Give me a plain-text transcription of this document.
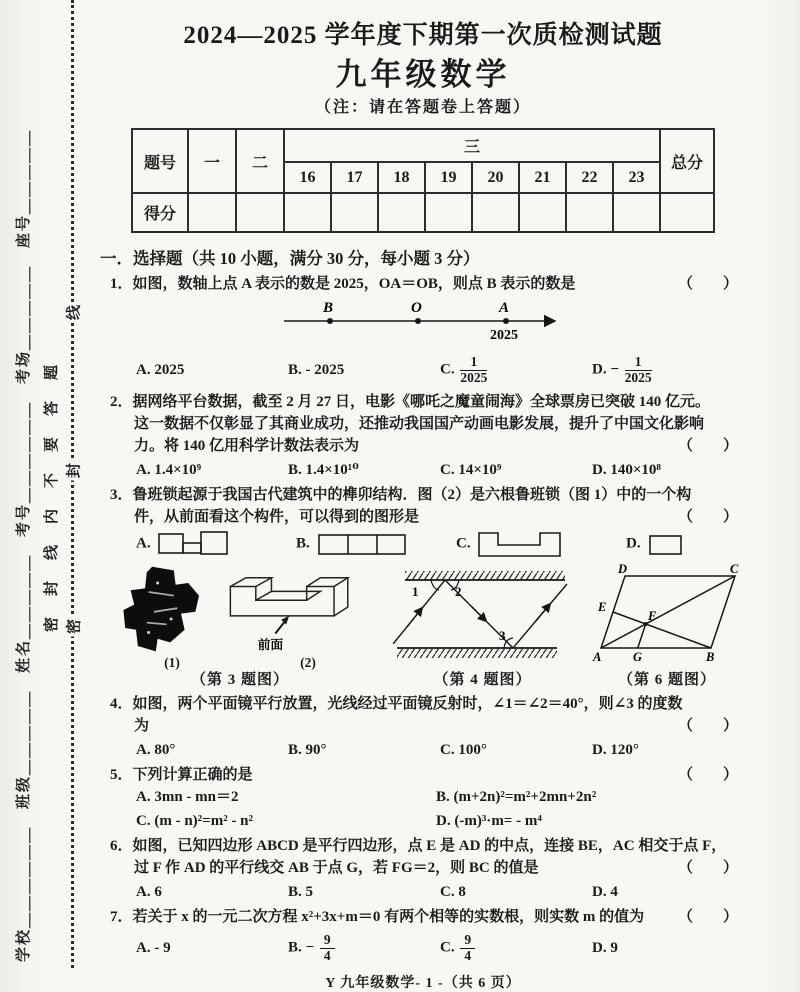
学校＿＿＿＿＿＿　班级＿＿＿＿＿　姓名＿＿＿＿＿　考号＿＿＿＿＿＿　考场＿＿＿＿＿　座号＿＿＿＿＿ 密封线内不要答题
线
封
密
2024—2025 学年度下期第一次质检测试题
九年级数学
（注：请在答题卷上答题）
题号	一	二	三								总分
			16	17	18	19	20	21	22	23	
得分											
一．选择题（共 10 小题，满分 30 分，每小题 3 分）
1．如图，数轴上点 A 表示的数是 2025，OA＝OB，则点 B 表示的数是	（　　）
B	O	A
2025
A. 2025	B. - 2025	C. $\frac{1}{2025}$	D. − $\frac{1}{2025}$
2．据网络平台数据，截至 2 月 27 日，电影《哪吒之魔童闹海》全球票房已突破 140 亿元。
这一数据不仅彰显了其商业成功，还推动我国国产动画电影发展，提升了中国文化影响
力。将 140 亿用科学计数法表示为	（　　）
A. 1.4×10⁹	B. 1.4×10¹⁰	C. 14×10⁹	D. 140×10⁸
3．鲁班锁起源于我国古代建筑中的榫卯结构．图（2）是六根鲁班锁（图 1）中的一个构
件，从前面看这个构件，可以得到的图形是	（　　）
A.	B.	C.	D.
前面
(1)	(2)
（第 3 题图）
1	2
3
（第 4 题图）
D	C
E
F
A	G	B
（第 6 题图）
4．如图，两个平面镜平行放置，光线经过平面镜反射时，∠1＝∠2＝40°，则∠3 的度数
为	（　　）
A. 80°	B. 90°	C. 100°	D. 120°
5．下列计算正确的是	（　　）
A. 3mn - mn＝2	B. (m+2n)²=m²+2mn+2n²
C. (m - n)²=m² - n²	D. (-m)³·m= - m⁴
6．如图，已知四边形 ABCD 是平行四边形，点 E 是 AD 的中点，连接 BE，AC 相交于点 F，
过 F 作 AD 的平行线交 AB 于点 G，若 FG＝2，则 BC 的值是	（　　）
A. 6	B. 5	C. 8	D. 4
7．若关于 x 的一元二次方程 x²+3x+m＝0 有两个相等的实数根，则实数 m 的值为 （　　）
A. - 9	B. − $\frac{9}{4}$	C. $\frac{9}{4}$	D. 9
Y 九年级数学- 1 -（共 6 页）
